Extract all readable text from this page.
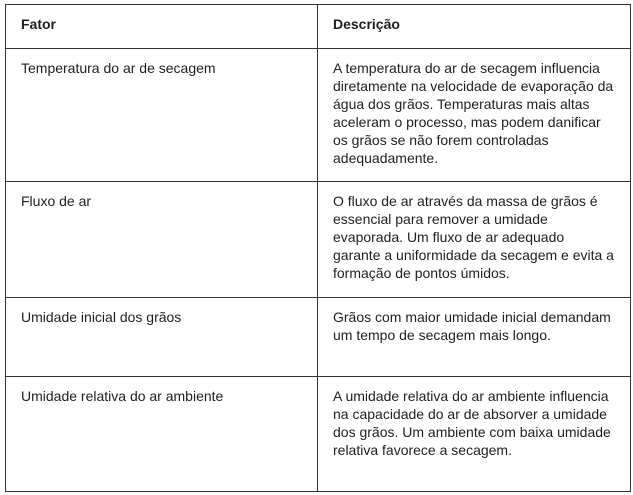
Fator	Descrição
Temperatura do ar de secagem	A temperatura do ar de secagem influencia diretamente na velocidade de evaporação da água dos grãos. Temperaturas mais altas aceleram o processo, mas podem danificar os grãos se não forem controladas adequadamente.
Fluxo de ar	O fluxo de ar através da massa de grãos é essencial para remover a umidade evaporada. Um fluxo de ar adequado garante a uniformidade da secagem e evita a formação de pontos úmidos.
Umidade inicial dos grãos	Grãos com maior umidade inicial demandam um tempo de secagem mais longo.
Umidade relativa do ar ambiente	A umidade relativa do ar ambiente influencia na capacidade do ar de absorver a umidade dos grãos. Um ambiente com baixa umidade relativa favorece a secagem.
